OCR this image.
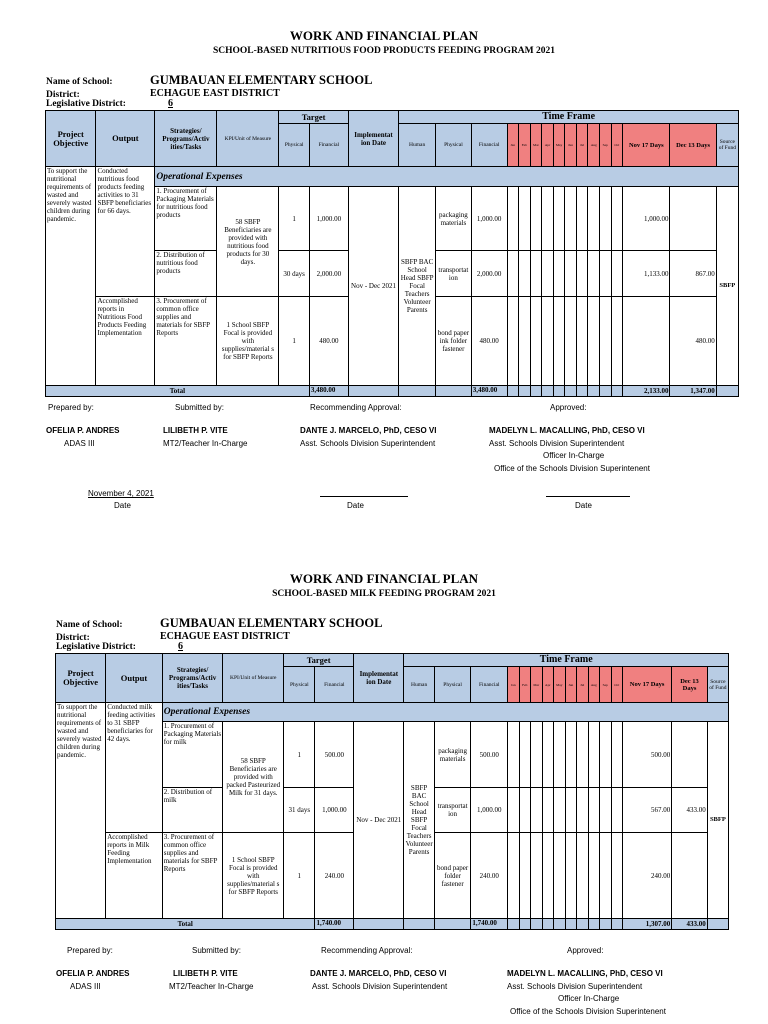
WORK AND FINANCIAL PLAN
SCHOOL-BASED NUTRITIOUS FOOD PRODUCTS FEEDING PROGRAM 2021
Name of School:	GUMBAUAN ELEMENTARY SCHOOL
District:	ECHAGUE EAST DISTRICT
Legislative District:	6
Project Objective	Output	Strategies/ Programs/Activ ities/Tasks	KPI/Unit of Measure	Target		Implementat ion Date	Time Frame															
				Physical	Financial		Human	Physical	Financial	Jan	Feb	Mar	Apr	May	Jun	Jul	Aug	Sep	Oct	Nov 17 Days	Dec 13 Days	Source of Fund
To support the nutritional requirements of wasted and severely wasted children during pandemic.	Conducted nutritious food products feeding activities to 31 SBFP beneficiaries for 66 days.	Operational Expenses																				
		1. Procurement of Packaging Materials for nutritious food products	58 SBFP Beneficiaries are provided with nutritious food products for 30 days.	1	1,000.00	Nov - Dec 2021	SBFP BAC School Head SBFP Focal Teachers Volunteer Parents	packaging materials	1,000.00											1,000.00		SBFP
		2. Distribution of nutritious food products		30 days	2,000.00			transportat ion	2,000.00											1,133.00	867.00	
	Accomplished reports in Nutritious Food Products Feeding Implementation	3. Procurement of common office supplies and materials for SBFP Reports	1 School SBFP Focal is provided with supplies/material s for SBFP Reports	1	480.00			bond paper ink folder fastener	480.00												480.00	
Total					3,480.00				3,480.00											2,133.00	1,347.00	
Prepared by:	Submitted by:	Recommending Approval:	Approved:
OFELIA P. ANDRES
ADAS III
LILIBETH P. VITE
MT2/Teacher In-Charge
DANTE J. MARCELO, PhD, CESO VI
Asst. Schools Division Superintendent
MADELYN L. MACALLING, PhD, CESO VI
Asst. Schools Division Superintendent
Officer In-Charge
Office of the Schools Division Superintenent
November 4, 2021
Date	Date	Date
WORK AND FINANCIAL PLAN
SCHOOL-BASED MILK FEEDING PROGRAM 2021
Name of School:	GUMBAUAN ELEMENTARY SCHOOL
District:	ECHAGUE EAST DISTRICT
Legislative District:	6
Project Objective	Output	Strategies/ Programs/Activ ities/Tasks	KPI/Unit of Measure	Target		Implementat ion Date	Time Frame															
				Physical	Financial		Human	Physical	Financial	Jan	Feb	Mar	Apr	May	Jun	Jul	Aug	Sep	Oct	Nov 17 Days	Dec 13 Days	Source of Fund
To support the nutritional requirements of wasted and severely wasted children during pandemic.	Conducted milk feeding activities to 31 SBFP beneficiaries for 42 days.	Operational Expenses																				
		1. Procurement of Packaging Materials for milk	58 SBFP Beneficiaries are provided with packed Pasteurized Milk for 31 days.	1	500.00	Nov - Dec 2021	SBFP BAC School Head SBFP Focal Teachers Volunteer Parents	packaging materials	500.00											500.00		SBFP
		2. Distribution of milk		31 days	1,000.00			transportat ion	1,000.00											567.00	433.00	
	Accomplished reports in Milk Feeding Implementation	3. Procurement of common office supplies and materials for SBFP Reports	1 School SBFP Focal is provided with supplies/material s for SBFP Reports	1	240.00			bond paper folder fastener	240.00											240.00		
Total					1,740.00				1,740.00											1,307.00	433.00	
Prepared by:	Submitted by:	Recommending Approval:	Approved:
OFELIA P. ANDRES
ADAS III
LILIBETH P. VITE
MT2/Teacher In-Charge
DANTE J. MARCELO, PhD, CESO VI
Asst. Schools Division Superintendent
MADELYN L. MACALLING, PhD, CESO VI
Asst. Schools Division Superintendent
Officer In-Charge
Office of the Schools Division Superintenent
